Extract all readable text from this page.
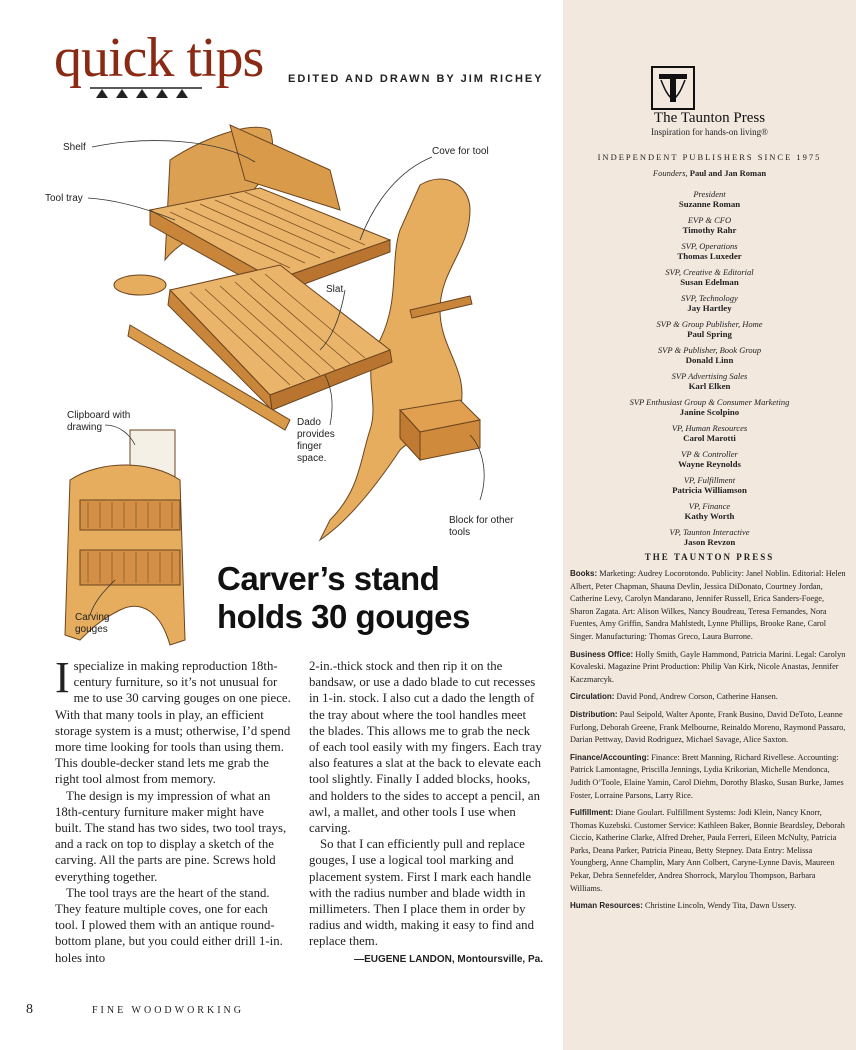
quick tips EDITED AND DRAWN BY JIM RICHEY
Shelf
Tool tray
Cove for tool
Slat
Clipboard with drawing	Dado
provides
finger
space.
Block for other tools
Carving gouges
Carver’s stand
holds 30 gouges

Ispecialize in making reproduction 18th-century furniture, so it’s not unusual for me to use 30 carving gouges on one piece. With that many tools in play, an efficient storage system is a must; otherwise, I’d spend more time looking for tools than using them. This double-decker stand lets me grab the right tool almost from memory.

The design is my impression of what an 18th-century furniture maker might have built. The stand has two sides, two tool trays, and a rack on top to display a sketch of the carving. All the parts are pine. Screws hold everything together.

The tool trays are the heart of the stand. They feature multiple coves, one for each tool. I plowed them with an antique round-bottom plane, but you could either drill 1-in. holes into

2-in.-thick stock and then rip it on the bandsaw, or use a dado blade to cut recesses in 1-in. stock. I also cut a dado the length of the tray about where the tool handles meet the blades. This allows me to grab the neck of each tool easily with my fingers. Each tray also features a slat at the back to elevate each tool slightly. Finally I added blocks, hooks, and holders to the sides to accept a pencil, an awl, a mallet, and other tools I use when carving.

So that I can efficiently pull and replace gouges, I use a logical tool marking and placement system. First I mark each handle with the radius number and blade width in millimeters. Then I place them in order by radius and width, making it easy to find and replace them.

—EUGENE LANDON, Montoursville, Pa.
8	FINE WOODWORKING
The Taunton Press
Inspiration for hands-on living®
INDEPENDENT PUBLISHERS SINCE 1975
Founders, Paul and Jan Roman
President
Suzanne Roman
EVP & CFO
Timothy Rahr
SVP, Operations
Thomas Luxeder
SVP, Creative & Editorial
Susan Edelman
SVP, Technology
Jay Hartley
SVP & Group Publisher, Home
Paul Spring
SVP & Publisher, Book Group
Donald Linn
SVP Advertising Sales
Karl Elken
SVP Enthusiast Group & Consumer Marketing
Janine Scolpino
VP, Human Resources
Carol Marotti
VP & Controller
Wayne Reynolds
VP, Fulfillment
Patricia Williamson
VP, Finance
Kathy Worth
VP, Taunton Interactive
Jason Revzon
THE TAUNTON PRESS

Books: Marketing: Audrey Locorotondo. Publicity: Janel Noblin. Editorial: Helen Albert, Peter Chapman, Shauna Devlin, Jessica DiDonato, Courtney Jordan, Catherine Levy, Carolyn Mandarano, Jennifer Russell, Erica Sanders-Foege, Sharon Zagata. Art: Alison Wilkes, Nancy Boudreau, Teresa Fernandes, Nora Fuentes, Amy Griffin, Sandra Mahlstedt, Lynne Phillips, Brooke Rane, Carol Singer. Manufacturing: Thomas Greco, Laura Burrone.

Business Office: Holly Smith, Gayle Hammond, Patricia Marini. Legal: Carolyn Kovaleski. Magazine Print Production: Philip Van Kirk, Nicole Anastas, Jennifer Kaczmarcyk.

Circulation: David Pond, Andrew Corson, Catherine Hansen.

Distribution: Paul Seipold, Walter Aponte, Frank Busino, David DeToto, Leanne Furlong, Deborah Greene, Frank Melbourne, Reinaldo Moreno, Raymond Passaro, Darian Pettway, David Rodriguez, Michael Savage, Alice Saxton.

Finance/Accounting: Finance: Brett Manning, Richard Rivellese. Accounting: Patrick Lamontagne, Priscilla Jennings, Lydia Krikorian, Michelle Mendonca, Judith O’Toole, Elaine Yamin, Carol Diehm, Dorothy Blasko, Susan Burke, James Foster, Lorraine Parsons, Larry Rice.

Fulfillment: Diane Goulart. Fulfillment Systems: Jodi Klein, Nancy Knorr, Thomas Kuzebski. Customer Service: Kathleen Baker, Bonnie Beardsley, Deborah Ciccio, Katherine Clarke, Alfred Dreher, Paula Ferreri, Eileen McNulty, Patricia Parks, Deana Parker, Patricia Pineau, Betty Stepney. Data Entry: Melissa Youngberg, Anne Champlin, Mary Ann Colbert, Caryne-Lynne Davis, Maureen Pekar, Debra Sennefelder, Andrea Shorrock, Marylou Thompson, Barbara Williams.

Human Resources: Christine Lincoln, Wendy Tita, Dawn Ussery.
